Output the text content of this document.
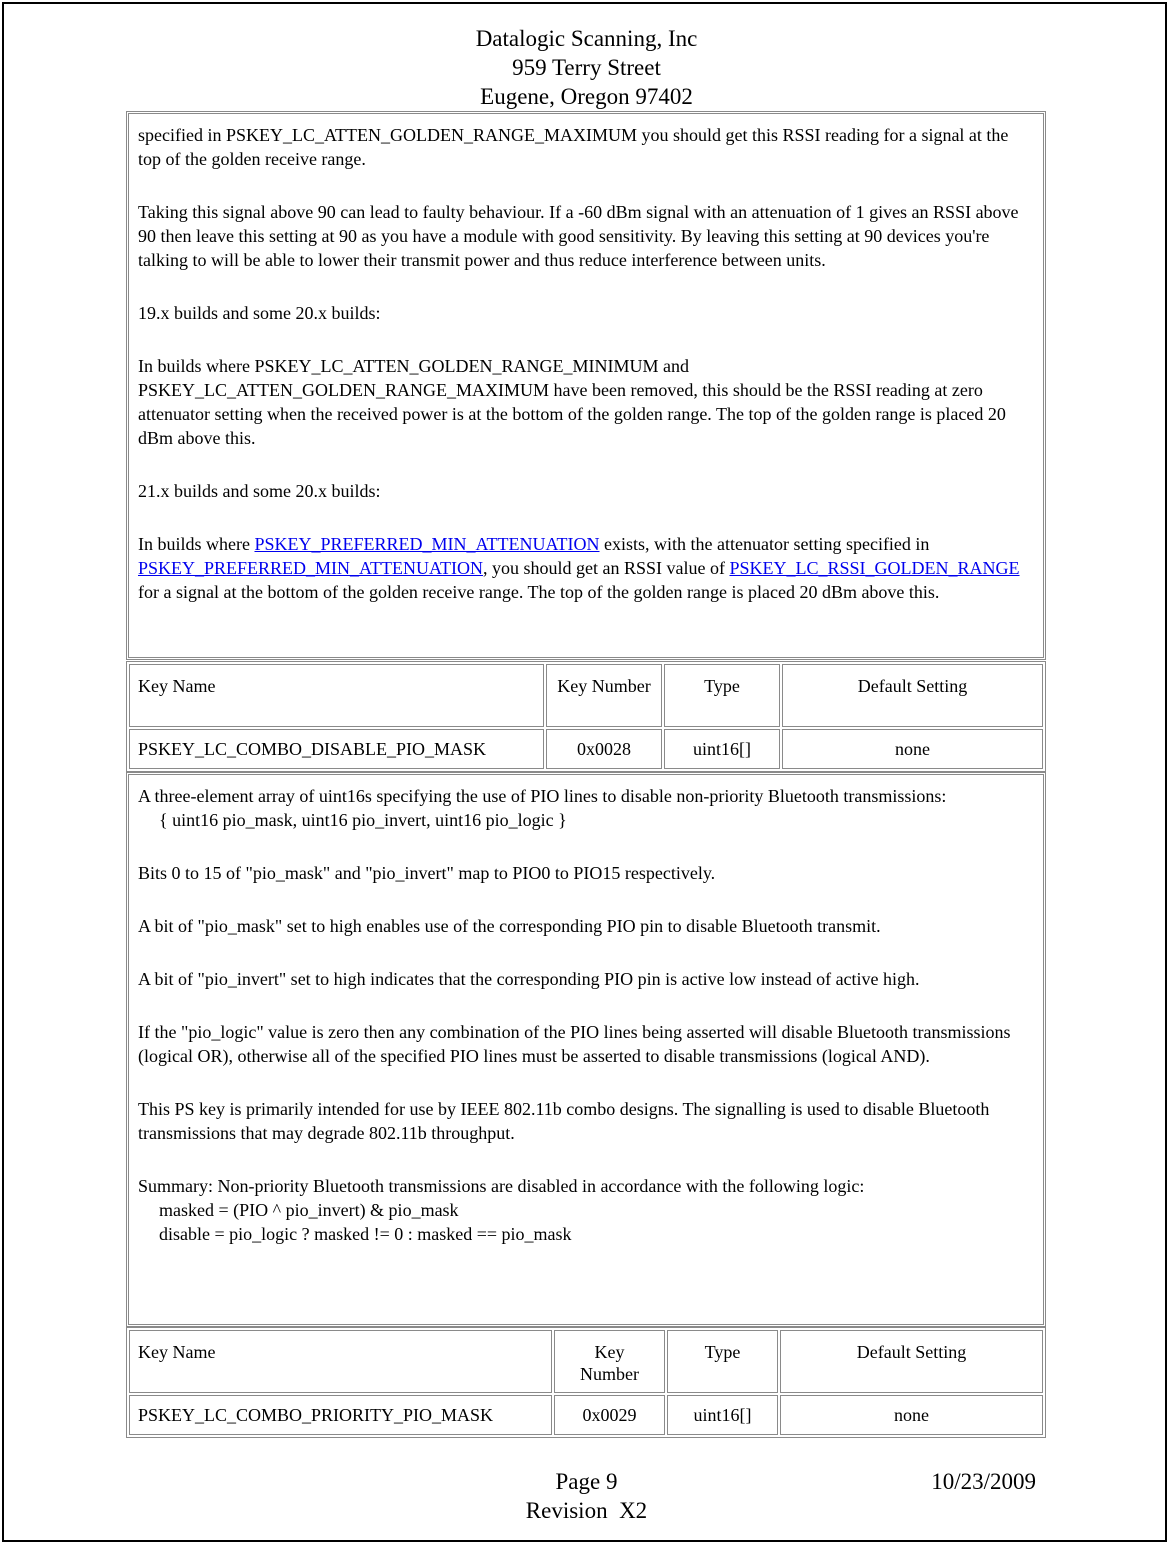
Datalogic Scanning, Inc
959 Terry Street
Eugene, Oregon 97402

specified in PSKEY_LC_ATTEN_GOLDEN_RANGE_MAXIMUM you should get this RSSI reading for a signal at the top of the golden receive range.

Taking this signal above 90 can lead to faulty behaviour. If a -60 dBm signal with an attenuation of 1 gives an RSSI above 90 then leave this setting at 90 as you have a module with good sensitivity. By leaving this setting at 90 devices you're talking to will be able to lower their transmit power and thus reduce interference between units.

19.x builds and some 20.x builds:

In builds where PSKEY_LC_ATTEN_GOLDEN_RANGE_MINIMUM and PSKEY_LC_ATTEN_GOLDEN_RANGE_MAXIMUM have been removed, this should be the RSSI reading at zero attenuator setting when the received power is at the bottom of the golden range. The top of the golden range is placed 20 dBm above this.

21.x builds and some 20.x builds:

In builds where PSKEY_PREFERRED_MIN_ATTENUATION exists, with the attenuator setting specified in PSKEY_PREFERRED_MIN_ATTENUATION, you should get an RSSI value of PSKEY_LC_RSSI_GOLDEN_RANGE for a signal at the bottom of the golden receive range. The top of the golden range is placed 20 dBm above this.

Key Name	Key Number	Type	Default Setting
PSKEY_LC_COMBO_DISABLE_PIO_MASK	0x0028	uint16[]	none

A three-element array of uint16s specifying the use of PIO lines to disable non-priority Bluetooth transmissions:
{ uint16 pio_mask, uint16 pio_invert, uint16 pio_logic }

Bits 0 to 15 of "pio_mask" and "pio_invert" map to PIO0 to PIO15 respectively.

A bit of "pio_mask" set to high enables use of the corresponding PIO pin to disable Bluetooth transmit.

A bit of "pio_invert" set to high indicates that the corresponding PIO pin is active low instead of active high.

If the "pio_logic" value is zero then any combination of the PIO lines being asserted will disable Bluetooth transmissions (logical OR), otherwise all of the specified PIO lines must be asserted to disable transmissions (logical AND).

This PS key is primarily intended for use by IEEE 802.11b combo designs. The signalling is used to disable Bluetooth transmissions that may degrade 802.11b throughput.

Summary: Non-priority Bluetooth transmissions are disabled in accordance with the following logic:
masked = (PIO ^ pio_invert) & pio_mask
disable = pio_logic ? masked != 0 : masked == pio_mask

Key Name	Key Number	Type	Default Setting
PSKEY_LC_COMBO_PRIORITY_PIO_MASK	0x0029	uint16[]	none
Page 9
Revision  X2
10/23/2009
